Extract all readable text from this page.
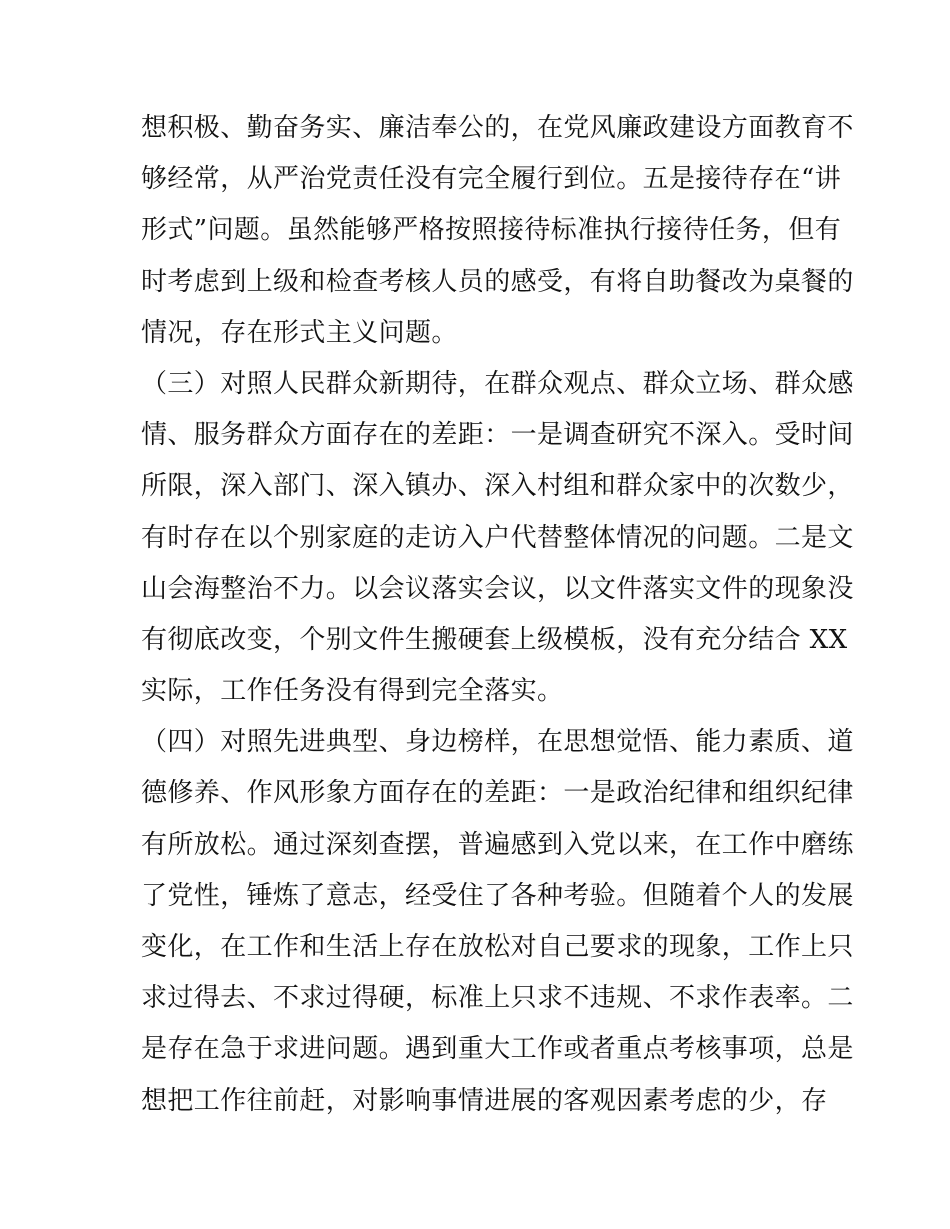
想积极、勤奋务实、廉洁奉公的，在党风廉政建设方面教育不
够经常，从严治党责任没有完全履行到位。五是接待存在“讲
形式”问题。虽然能够严格按照接待标准执行接待任务，但有
时考虑到上级和检查考核人员的感受，有将自助餐改为桌餐的
情况，存在形式主义问题。
（三）对照人民群众新期待，在群众观点、群众立场、群众感
情、服务群众方面存在的差距：一是调查研究不深入。受时间
所限，深入部门、深入镇办、深入村组和群众家中的次数少，
有时存在以个别家庭的走访入户代替整体情况的问题。二是文
山会海整治不力。以会议落实会议，以文件落实文件的现象没
有彻底改变，个别文件生搬硬套上级模板，没有充分结合 XX
实际，工作任务没有得到完全落实。
（四）对照先进典型、身边榜样，在思想觉悟、能力素质、道
德修养、作风形象方面存在的差距：一是政治纪律和组织纪律
有所放松。通过深刻查摆，普遍感到入党以来，在工作中磨练
了党性，锤炼了意志，经受住了各种考验。但随着个人的发展
变化，在工作和生活上存在放松对自己要求的现象，工作上只
求过得去、不求过得硬，标准上只求不违规、不求作表率。二
是存在急于求进问题。遇到重大工作或者重点考核事项，总是
想把工作往前赶，对影响事情进展的客观因素考虑的少，存
